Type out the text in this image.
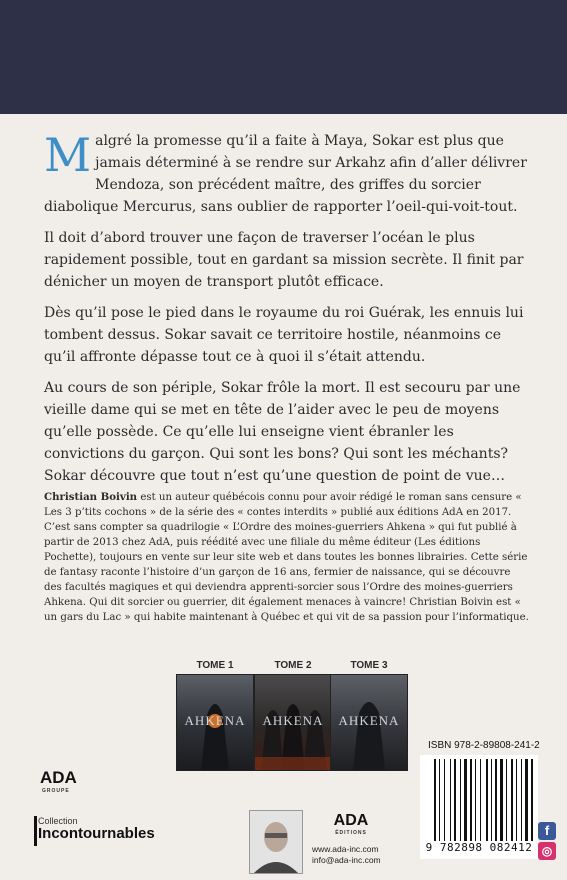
Malgré la promesse qu’il a faite à Maya, Sokar est plus que jamais déterminé à se rendre sur Arkahz afin d’aller délivrer Mendoza, son précédent maître, des griffes du sorcier diabolique Mercurus, sans oublier de rapporter l’oeil-qui-voit-tout.

Il doit d’abord trouver une façon de traverser l’océan le plus rapidement possible, tout en gardant sa mission secrète. Il finit par dénicher un moyen de transport plutôt efficace.

Dès qu’il pose le pied dans le royaume du roi Guérak, les ennuis lui tombent dessus. Sokar savait ce territoire hostile, néanmoins ce qu’il affronte dépasse tout ce à quoi il s’était attendu.

Au cours de son périple, Sokar frôle la mort. Il est secouru par une vieille dame qui se met en tête de l’aider avec le peu de moyens qu’elle possède. Ce qu’elle lui enseigne vient ébranler les convictions du garçon. Qui sont les bons? Qui sont les méchants? Sokar découvre que tout n’est qu’une question de point de vue…

Christian Boivin est un auteur québécois connu pour avoir rédigé le roman sans censure « Les 3 p’tits cochons » de la série des « contes interdits » publié aux éditions AdA en 2017. C’est sans compter sa quadrilogie « L’Ordre des moines-guerriers Ahkena » qui fut publié à partir de 2013 chez AdA, puis réédité avec une filiale du même éditeur (Les éditions Pochette), toujours en vente sur leur site web et dans toutes les bonnes librairies. Cette série de fantasy raconte l’histoire d’un garçon de 16 ans, fermier de naissance, qui se découvre des facultés magiques et qui deviendra apprenti-sorcier sous l’Ordre des moines-guerriers Ahkena. Qui dit sorcier ou guerrier, dit également menaces à vaincre! Christian Boivin est « un gars du Lac » qui habite maintenant à Québec et qui vit de sa passion pour l’informatique.
TOME 1
AHKENA
TOME 2
AHKENA
TOME 3
AHKENA
ADA
GROUPE
Collection
Incontournables
ADA
ÉDITIONS
www.ada-inc.com
info@ada-inc.com
ISBN 978-2-89808-241-2
9 782898 082412
f
◎
